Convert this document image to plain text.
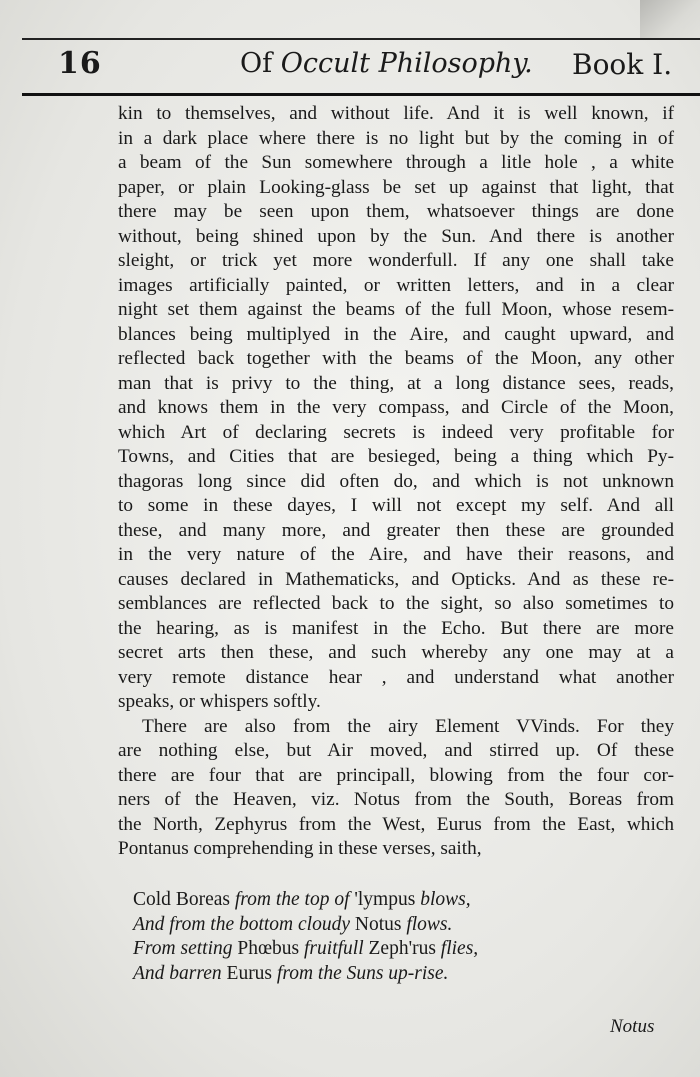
16	Of Occult Philosophy. Book I.
kin to themselves, and without life. And it is well known, if
in a dark place where there is no light but by the coming in of
a beam of the Sun somewhere through a litle hole , a white
paper, or plain Looking-glass be set up against that light, that
there may be seen upon them, whatsoever things are done
without, being shined upon by the Sun. And there is another
sleight, or trick yet more wonderfull. If any one shall take
images artificially painted, or written letters, and in a clear
night set them against the beams of the full Moon, whose resem-
blances being multiplyed in the Aire, and caught upward, and
reflected back together with the beams of the Moon, any other
man that is privy to the thing, at a long distance sees, reads,
and knows them in the very compass, and Circle of the Moon,
which Art of declaring secrets is indeed very profitable for
Towns, and Cities that are besieged, being a thing which Py-
thagoras long since did often do, and which is not unknown
to some in these dayes, I will not except my self. And all
these, and many more, and greater then these are grounded
in the very nature of the Aire, and have their reasons, and
causes declared in Mathematicks, and Opticks. And as these re-
semblances are reflected back to the sight, so also sometimes to
the hearing, as is manifest in the Echo. But there are more
secret arts then these, and such whereby any one may at a
very remote distance hear , and understand what another
speaks, or whispers softly.
There are also from the airy Element VVinds. For they
are nothing else, but Air moved, and stirred up. Of these
there are four that are principall, blowing from the four cor-
ners of the Heaven, viz. Notus from the South, Boreas from
the North, Zephyrus from the West, Eurus from the East, which
Pontanus comprehending in these verses, saith,
Cold Boreas from the top of 'lympus blows,
And from the bottom cloudy Notus flows.
From setting Phœbus fruitfull Zeph'rus flies,
And barren Eurus from the Suns up-rise.
Notus
